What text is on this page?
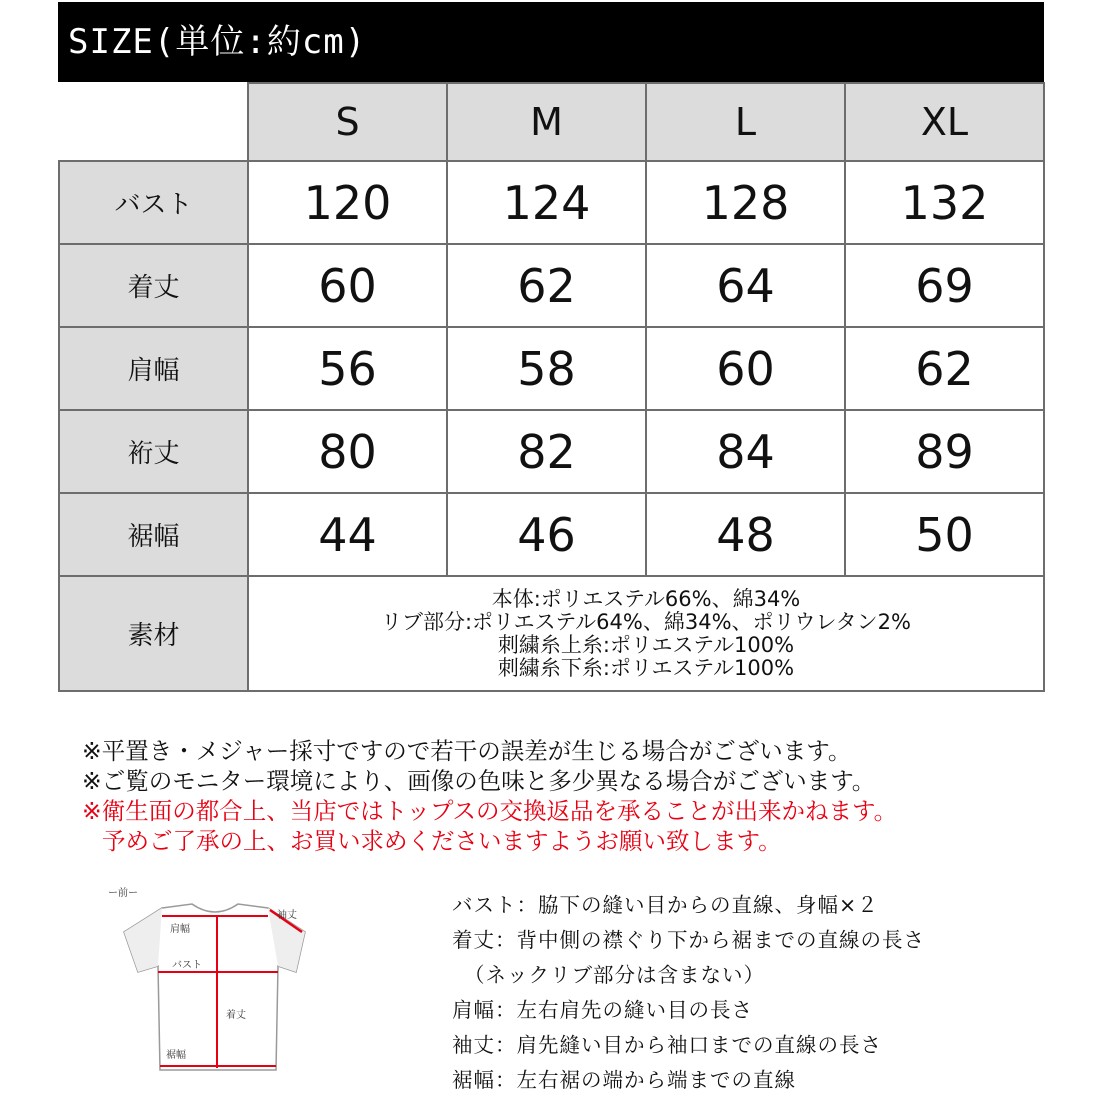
SIZE(単位:約cm)
	S	M	L	XL
バスト	120	124	128	132
着丈	60	62	64	69
肩幅	56	58	60	62
裄丈	80	82	84	89
裾幅	44	46	48	50
素材	本体:ポリエステル66%、綿34%
リブ部分:ポリエステル64%、綿34%、ポリウレタン2%
刺繍糸上糸:ポリエステル100%
刺繍糸下糸:ポリエステル100%			
※平置き・メジャー採寸ですので若干の誤差が生じる場合がございます。
※ご覧のモニター環境により、画像の色味と多少異なる場合がございます。
※衛生面の都合上、当店ではトップスの交換返品を承ることが出来かねます。
予めご了承の上、お買い求めくださいますようお願い致します。
ー前ー
肩幅
袖丈
バスト
着丈
裾幅
バスト：脇下の縫い目からの直線、身幅×２
着丈：背中側の襟ぐり下から裾までの直線の長さ
（ネックリブ部分は含まない）
肩幅：左右肩先の縫い目の長さ
袖丈：肩先縫い目から袖口までの直線の長さ
裾幅：左右裾の端から端までの直線
